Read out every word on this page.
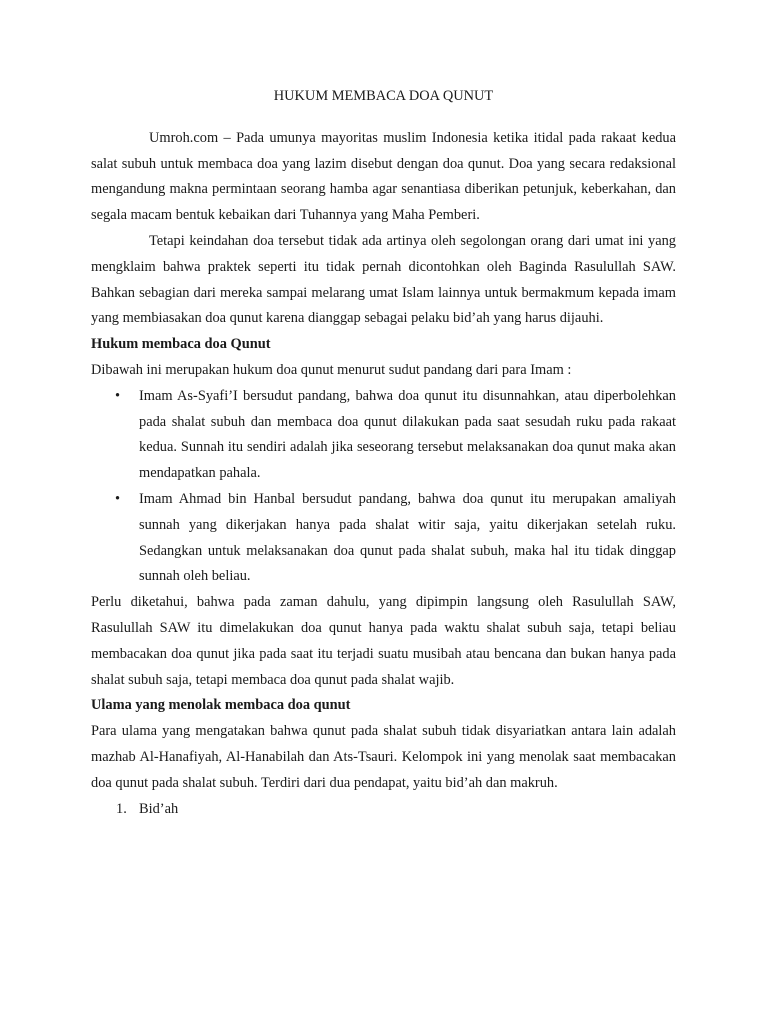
HUKUM MEMBACA DOA QUNUT

Umroh.com – Pada umunya mayoritas muslim Indonesia ketika itidal pada rakaat kedua salat subuh untuk membaca doa yang lazim disebut dengan doa qunut. Doa yang secara redaksional mengandung makna permintaan seorang hamba agar senantiasa diberikan petunjuk, keberkahan, dan segala macam bentuk kebaikan dari Tuhannya yang Maha Pemberi.

Tetapi keindahan doa tersebut tidak ada artinya oleh segolongan orang dari umat ini yang mengklaim bahwa praktek seperti itu tidak pernah dicontohkan oleh Baginda Rasulullah SAW. Bahkan sebagian dari mereka sampai melarang umat Islam lainnya untuk bermakmum kepada imam yang membiasakan doa qunut karena dianggap sebagai pelaku bid’ah yang harus dijauhi.

Hukum membaca doa Qunut

Dibawah ini merupakan hukum doa qunut menurut sudut pandang dari para Imam :

• Imam As-Syafi’I bersudut pandang, bahwa doa qunut itu disunnahkan, atau diperbolehkan pada shalat subuh dan membaca doa qunut dilakukan pada saat sesudah ruku pada rakaat kedua. Sunnah itu sendiri adalah jika seseorang tersebut melaksanakan doa qunut maka akan mendapatkan pahala.
• Imam Ahmad bin Hanbal bersudut pandang, bahwa doa qunut itu merupakan amaliyah sunnah yang dikerjakan hanya pada shalat witir saja, yaitu dikerjakan setelah ruku. Sedangkan untuk melaksanakan doa qunut pada shalat subuh, maka hal itu tidak dinggap sunnah oleh beliau.

Perlu diketahui, bahwa pada zaman dahulu, yang dipimpin langsung oleh Rasulullah SAW, Rasulullah SAW itu dimelakukan doa qunut hanya pada waktu shalat subuh saja, tetapi beliau membacakan doa qunut jika pada saat itu terjadi suatu musibah atau bencana dan bukan hanya pada shalat subuh saja, tetapi membaca doa qunut pada shalat wajib.

Ulama yang menolak membaca doa qunut

Para ulama yang mengatakan bahwa qunut pada shalat subuh tidak disyariatkan antara lain adalah mazhab Al-Hanafiyah, Al-Hanabilah dan Ats-Tsauri. Kelompok ini yang menolak saat membacakan doa qunut pada shalat subuh. Terdiri dari dua pendapat, yaitu bid’ah dan makruh.

1. Bid’ah
